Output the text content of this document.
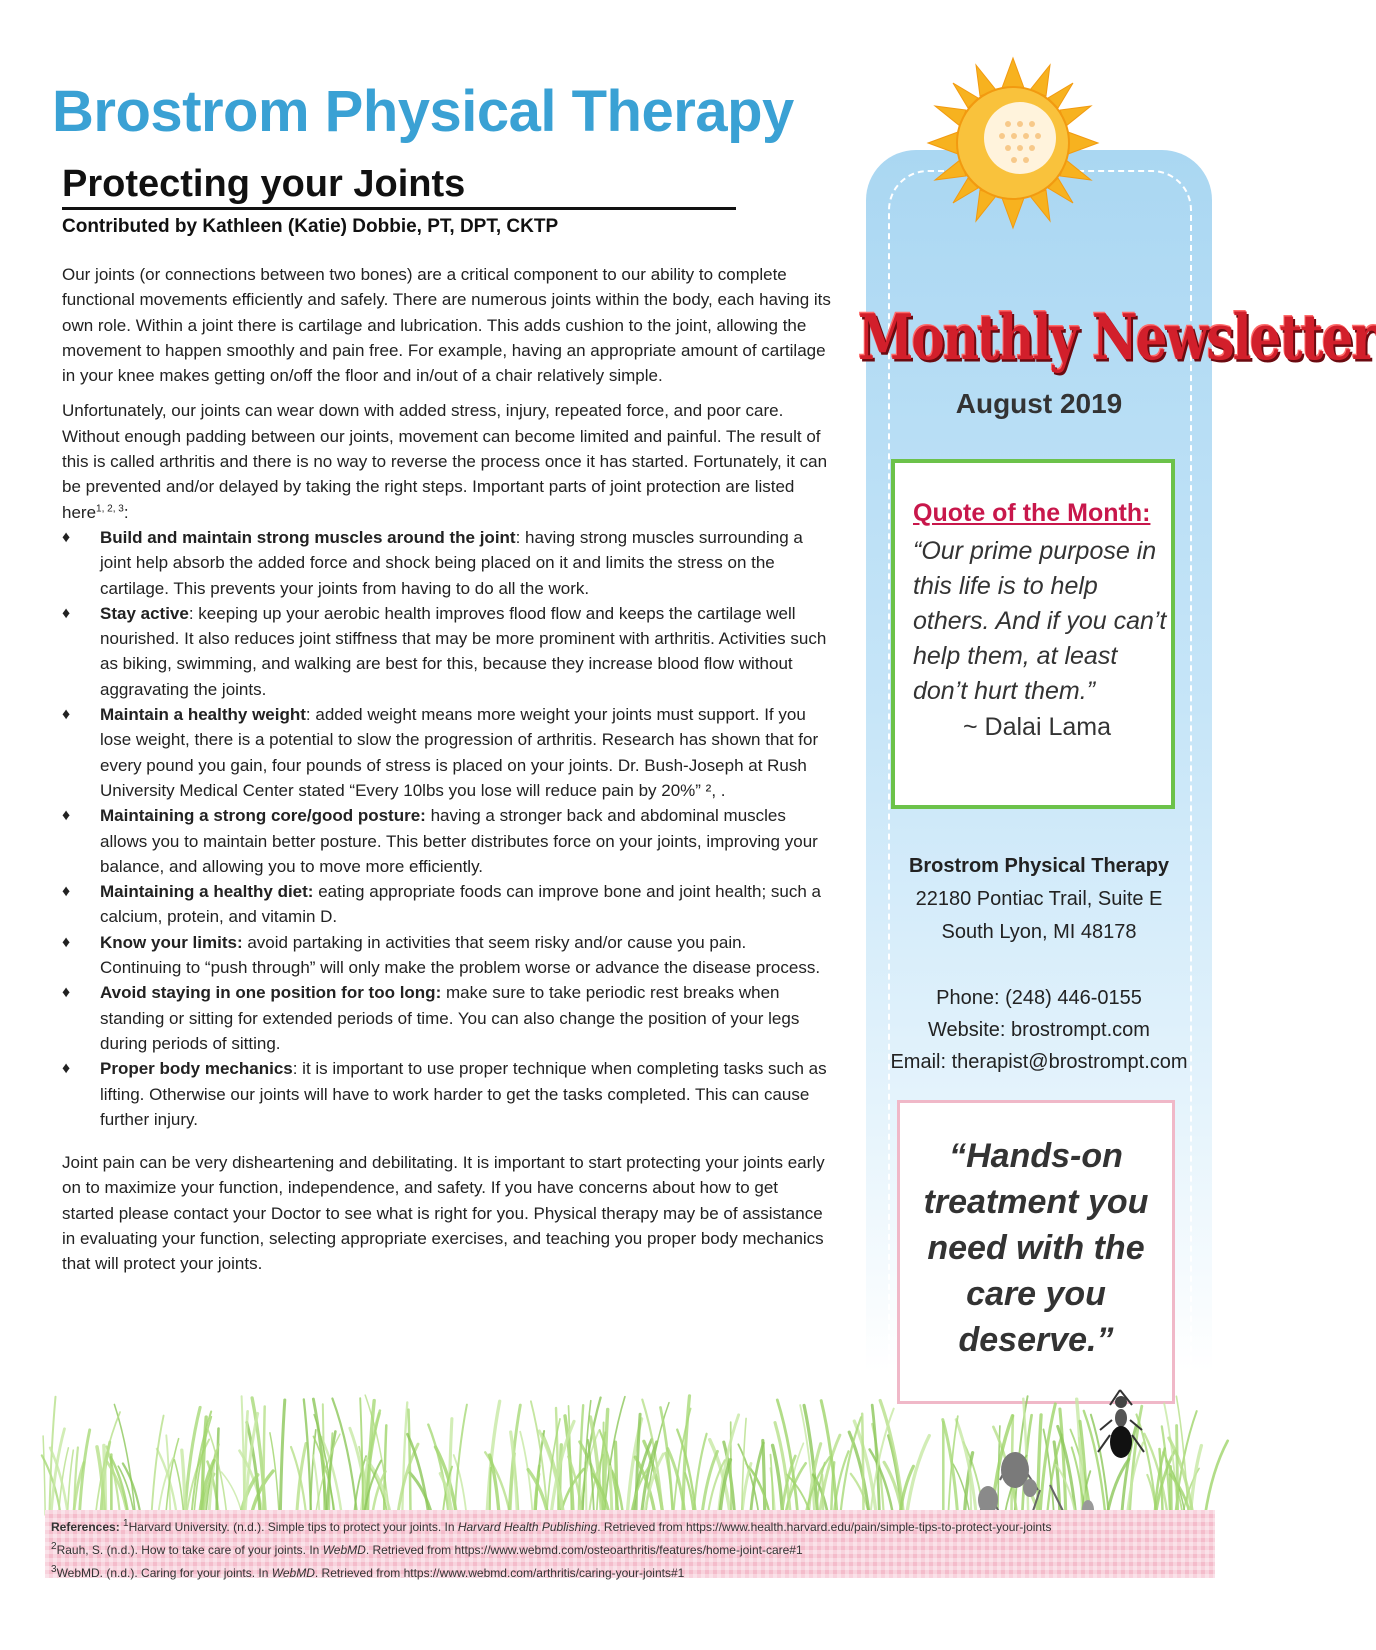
Brostrom Physical Therapy
Protecting your Joints
Contributed by Kathleen (Katie) Dobbie, PT, DPT, CKTP

Our joints (or connections between two bones) are a critical component to our ability to complete functional movements efficiently and safely. There are numerous joints within the body, each having its own role. Within a joint there is cartilage and lubrication. This adds cushion to the joint, allowing the movement to happen smoothly and pain free. For example, having an appropriate amount of cartilage in your knee makes getting on/off the floor and in/out of a chair relatively simple.

Unfortunately, our joints can wear down with added stress, injury, repeated force, and poor care. Without enough padding between our joints, movement can become limited and painful. The result of this is called arthritis and there is no way to reverse the process once it has started. Fortunately, it can be prevented and/or delayed by taking the right steps. Important parts of joint protection are listed here$^{1, 2, 3}$:

♦ Build and maintain strong muscles around the joint: having strong muscles surrounding a joint help absorb the added force and shock being placed on it and limits the stress on the cartilage. This prevents your joints from having to do all the work.
♦ Stay active: keeping up your aerobic health improves flood flow and keeps the cartilage well nourished. It also reduces joint stiffness that may be more prominent with arthritis. Activities such as biking, swimming, and walking are best for this, because they increase blood flow without aggravating the joints.
♦ Maintain a healthy weight: added weight means more weight your joints must support. If you lose weight, there is a potential to slow the progression of arthritis. Research has shown that for every pound you gain, four pounds of stress is placed on your joints. Dr. Bush-Joseph at Rush University Medical Center stated “Every 10lbs you lose will reduce pain by 20%” ², .
♦ Maintaining a strong core/good posture: having a stronger back and abdominal muscles allows you to maintain better posture. This better distributes force on your joints, improving your balance, and allowing you to move more efficiently.
♦ Maintaining a healthy diet: eating appropriate foods can improve bone and joint health; such a calcium, protein, and vitamin D.
♦ Know your limits: avoid partaking in activities that seem risky and/or cause you pain. Continuing to “push through” will only make the problem worse or advance the disease process.
♦ Avoid staying in one position for too long: make sure to take periodic rest breaks when standing or sitting for extended periods of time. You can also change the position of your legs during periods of sitting.
♦ Proper body mechanics: it is important to use proper technique when completing tasks such as lifting. Otherwise our joints will have to work harder to get the tasks completed. This can cause further injury.

Joint pain can be very disheartening and debilitating. It is important to start protecting your joints early on to maximize your function, independence, and safety. If you have concerns about how to get started please contact your Doctor to see what is right for you. Physical therapy may be of assistance in evaluating your function, selecting appropriate exercises, and teaching you proper body mechanics that will protect your joints.

Monthly Newsletter
August 2019
Quote of the Month:
“Our prime purpose in this life is to help others. And if you can’t help them, at least don’t hurt them.”
~ Dalai Lama
Brostrom Physical Therapy
22180 Pontiac Trail, Suite E
South Lyon, MI 48178
Phone: (248) 446-0155
Website: brostrompt.com
Email: therapist@brostrompt.com
“Hands-on treatment you need with the care you deserve.”
References: $^1$Harvard University. (n.d.). Simple tips to protect your joints. In Harvard Health Publishing. Retrieved from https://www.health.harvard.edu/pain/simple-tips-to-protect-your-joints
$^2$Rauh, S. (n.d.). How to take care of your joints. In WebMD. Retrieved from https://www.webmd.com/osteoarthritis/features/home-joint-care#1
$^3$WebMD. (n.d.). Caring for your joints. In WebMD. Retrieved from https://www.webmd.com/arthritis/caring-your-joints#1
